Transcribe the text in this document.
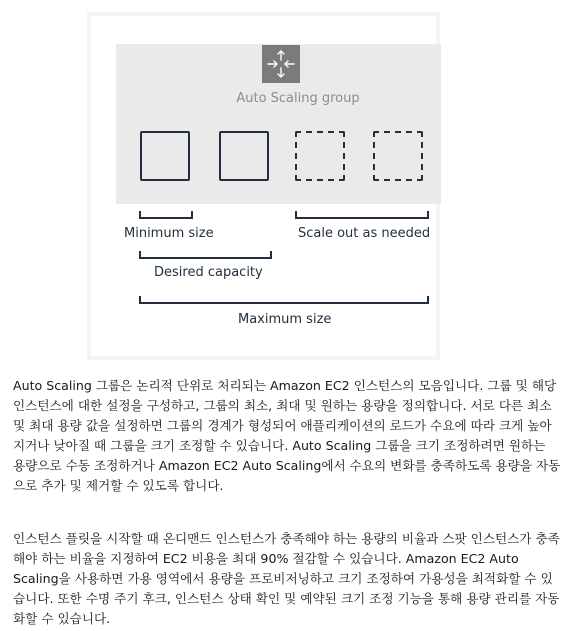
Auto Scaling group
Minimum size	Scale out as needed
Desired capacity
Maximum size

Auto Scaling 그룹은 논리적 단위로 처리되는 Amazon EC2 인스턴스의 모음입니다. 그룹 및 해당 인스턴스에 대한 설정을 구성하고, 그룹의 최소, 최대 및 원하는 용량을 정의합니다. 서로 다른 최소 및 최대 용량 값을 설정하면 그룹의 경계가 형성되어 애플리케이션의 로드가 수요에 따라 크게 높아지거나 낮아질 때 그룹을 크기 조정할 수 있습니다. Auto Scaling 그룹을 크기 조정하려면 원하는 용량으로 수동 조정하거나 Amazon EC2 Auto Scaling에서 수요의 변화를 충족하도록 용량을 자동으로 추가 및 제거할 수 있도록 합니다.

인스턴스 플릿을 시작할 때 온디맨드 인스턴스가 충족해야 하는 용량의 비율과 스팟 인스턴스가 충족해야 하는 비율을 지정하여 EC2 비용을 최대 90% 절감할 수 있습니다. Amazon EC2 Auto Scaling을 사용하면 가용 영역에서 용량을 프로비저닝하고 크기 조정하여 가용성을 최적화할 수 있습니다. 또한 수명 주기 후크, 인스턴스 상태 확인 및 예약된 크기 조정 기능을 통해 용량 관리를 자동화할 수 있습니다.
